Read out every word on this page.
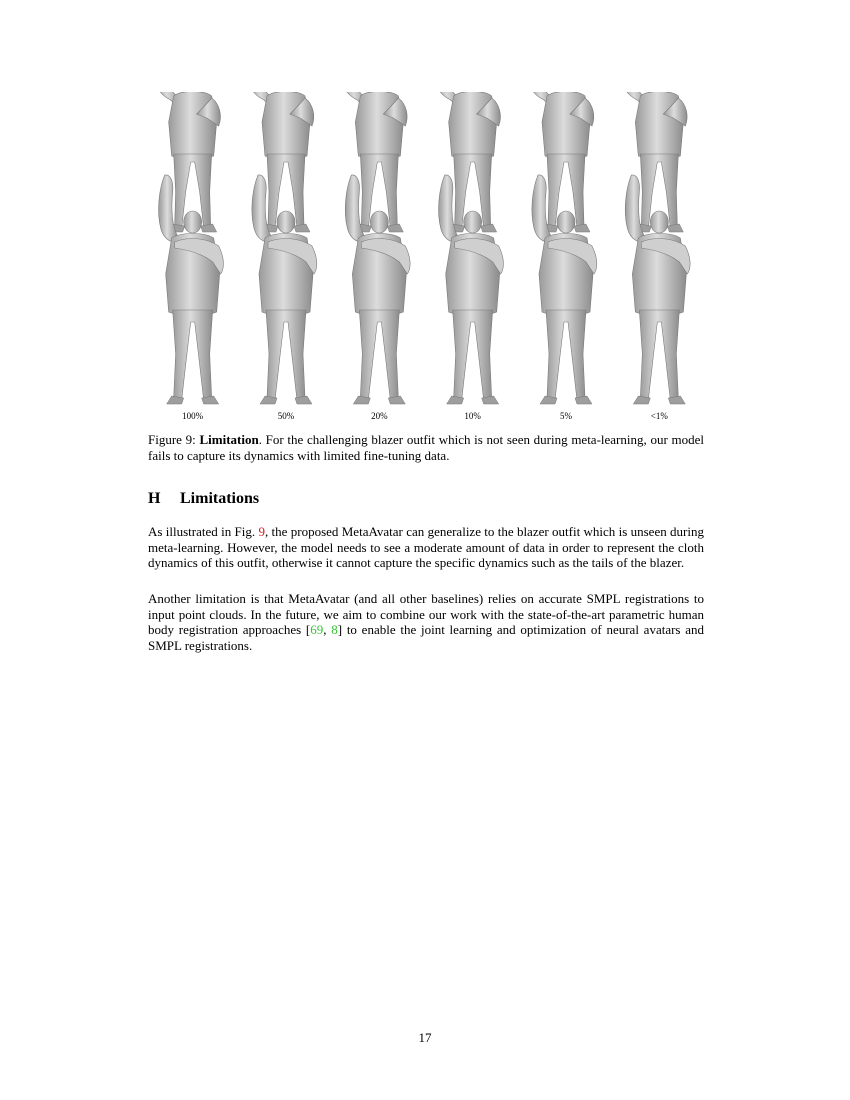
100%	50%	20%	10%	5%	<1%
Figure 9: Limitation. For the challenging blazer outfit which is not seen during meta-learning, our model fails to capture its dynamics with limited fine-tuning data.
H Limitations

As illustrated in Fig. 9, the proposed MetaAvatar can generalize to the blazer outfit which is unseen during meta-learning. However, the model needs to see a moderate amount of data in order to represent the cloth dynamics of this outfit, otherwise it cannot capture the specific dynamics such as the tails of the blazer.

Another limitation is that MetaAvatar (and all other baselines) relies on accurate SMPL registrations to input point clouds. In the future, we aim to combine our work with the state-of-the-art parametric human body registration approaches [69, 8] to enable the joint learning and optimization of neural avatars and SMPL registrations.

17
